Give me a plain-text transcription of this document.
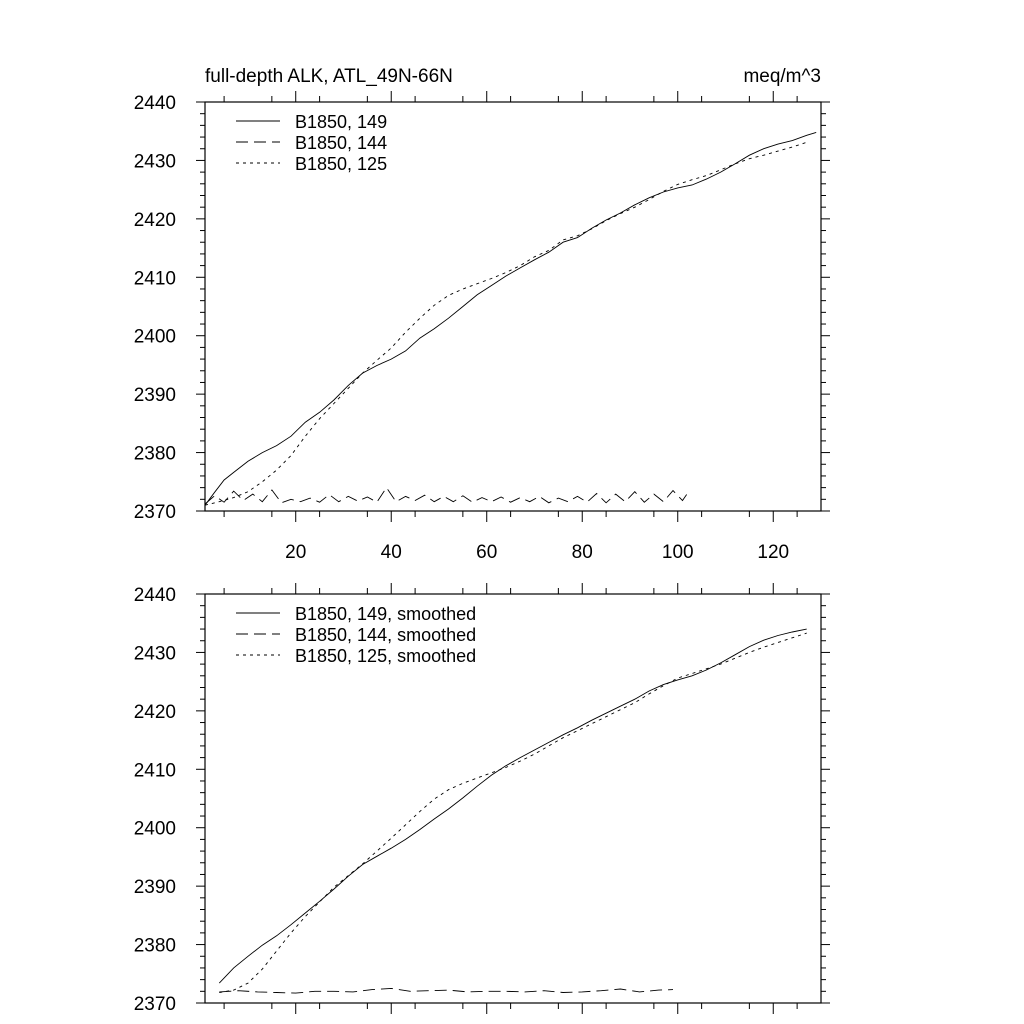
full-depth ALK, ATL_49N-66N	meq/m^3
B1850, 149
B1850, 144
B1850, 125
2370
2380
2390
2400
2410
2420
2430
2440
20	40	60	80	100	120
B1850, 149, smoothed
B1850, 144, smoothed
B1850, 125, smoothed
2370
2380
2390
2400
2410
2420
2430
2440
